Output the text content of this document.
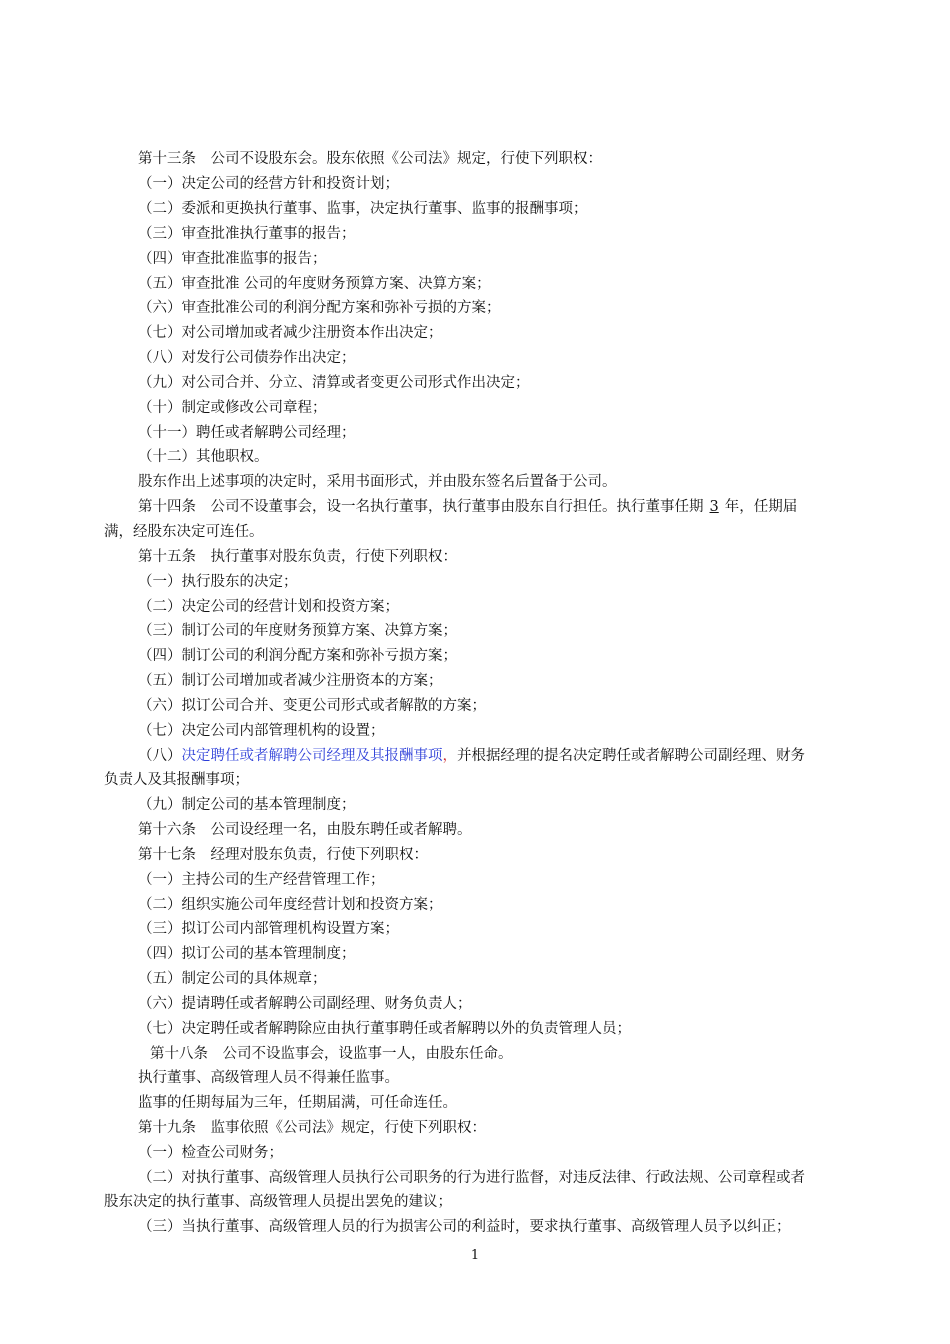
第十三条　公司不设股东会。股东依照《公司法》规定，行使下列职权：
（一）决定公司的经营方针和投资计划；
（二）委派和更换执行董事、监事，决定执行董事、监事的报酬事项；
（三）审查批准执行董事的报告；
（四）审查批准监事的报告；
（五）审查批准 公司的年度财务预算方案、决算方案；
（六）审查批准公司的利润分配方案和弥补亏损的方案；
（七）对公司增加或者减少注册资本作出决定；
（八）对发行公司债券作出决定；
（九）对公司合并、分立、清算或者变更公司形式作出决定；
（十）制定或修改公司章程；
（十一）聘任或者解聘公司经理；
（十二）其他职权。
股东作出上述事项的决定时，采用书面形式，并由股东签名后置备于公司。
第十四条　公司不设董事会，设一名执行董事，执行董事由股东自行担任。执行董事任期 3 年，任期届
满，经股东决定可连任。
第十五条　执行董事对股东负责，行使下列职权：
（一）执行股东的决定；
（二）决定公司的经营计划和投资方案；
（三）制订公司的年度财务预算方案、决算方案；
（四）制订公司的利润分配方案和弥补亏损方案；
（五）制订公司增加或者减少注册资本的方案；
（六）拟订公司合并、变更公司形式或者解散的方案；
（七）决定公司内部管理机构的设置；
（八）决定聘任或者解聘公司经理及其报酬事项，并根据经理的提名决定聘任或者解聘公司副经理、财务
负责人及其报酬事项；
（九）制定公司的基本管理制度；
第十六条　公司设经理一名，由股东聘任或者解聘。
第十七条　经理对股东负责，行使下列职权：
（一）主持公司的生产经营管理工作；
（二）组织实施公司年度经营计划和投资方案；
（三）拟订公司内部管理机构设置方案；
（四）拟订公司的基本管理制度；
（五）制定公司的具体规章；
（六）提请聘任或者解聘公司副经理、财务负责人；
（七）决定聘任或者解聘除应由执行董事聘任或者解聘以外的负责管理人员；
第十八条　公司不设监事会，设监事一人，由股东任命。
执行董事、高级管理人员不得兼任监事。
监事的任期每届为三年，任期届满，可任命连任。
第十九条　监事依照《公司法》规定，行使下列职权：
（一）检查公司财务；
（二）对执行董事、高级管理人员执行公司职务的行为进行监督，对违反法律、行政法规、公司章程或者
股东决定的执行董事、高级管理人员提出罢免的建议；
（三）当执行董事、高级管理人员的行为损害公司的利益时，要求执行董事、高级管理人员予以纠正；
1
